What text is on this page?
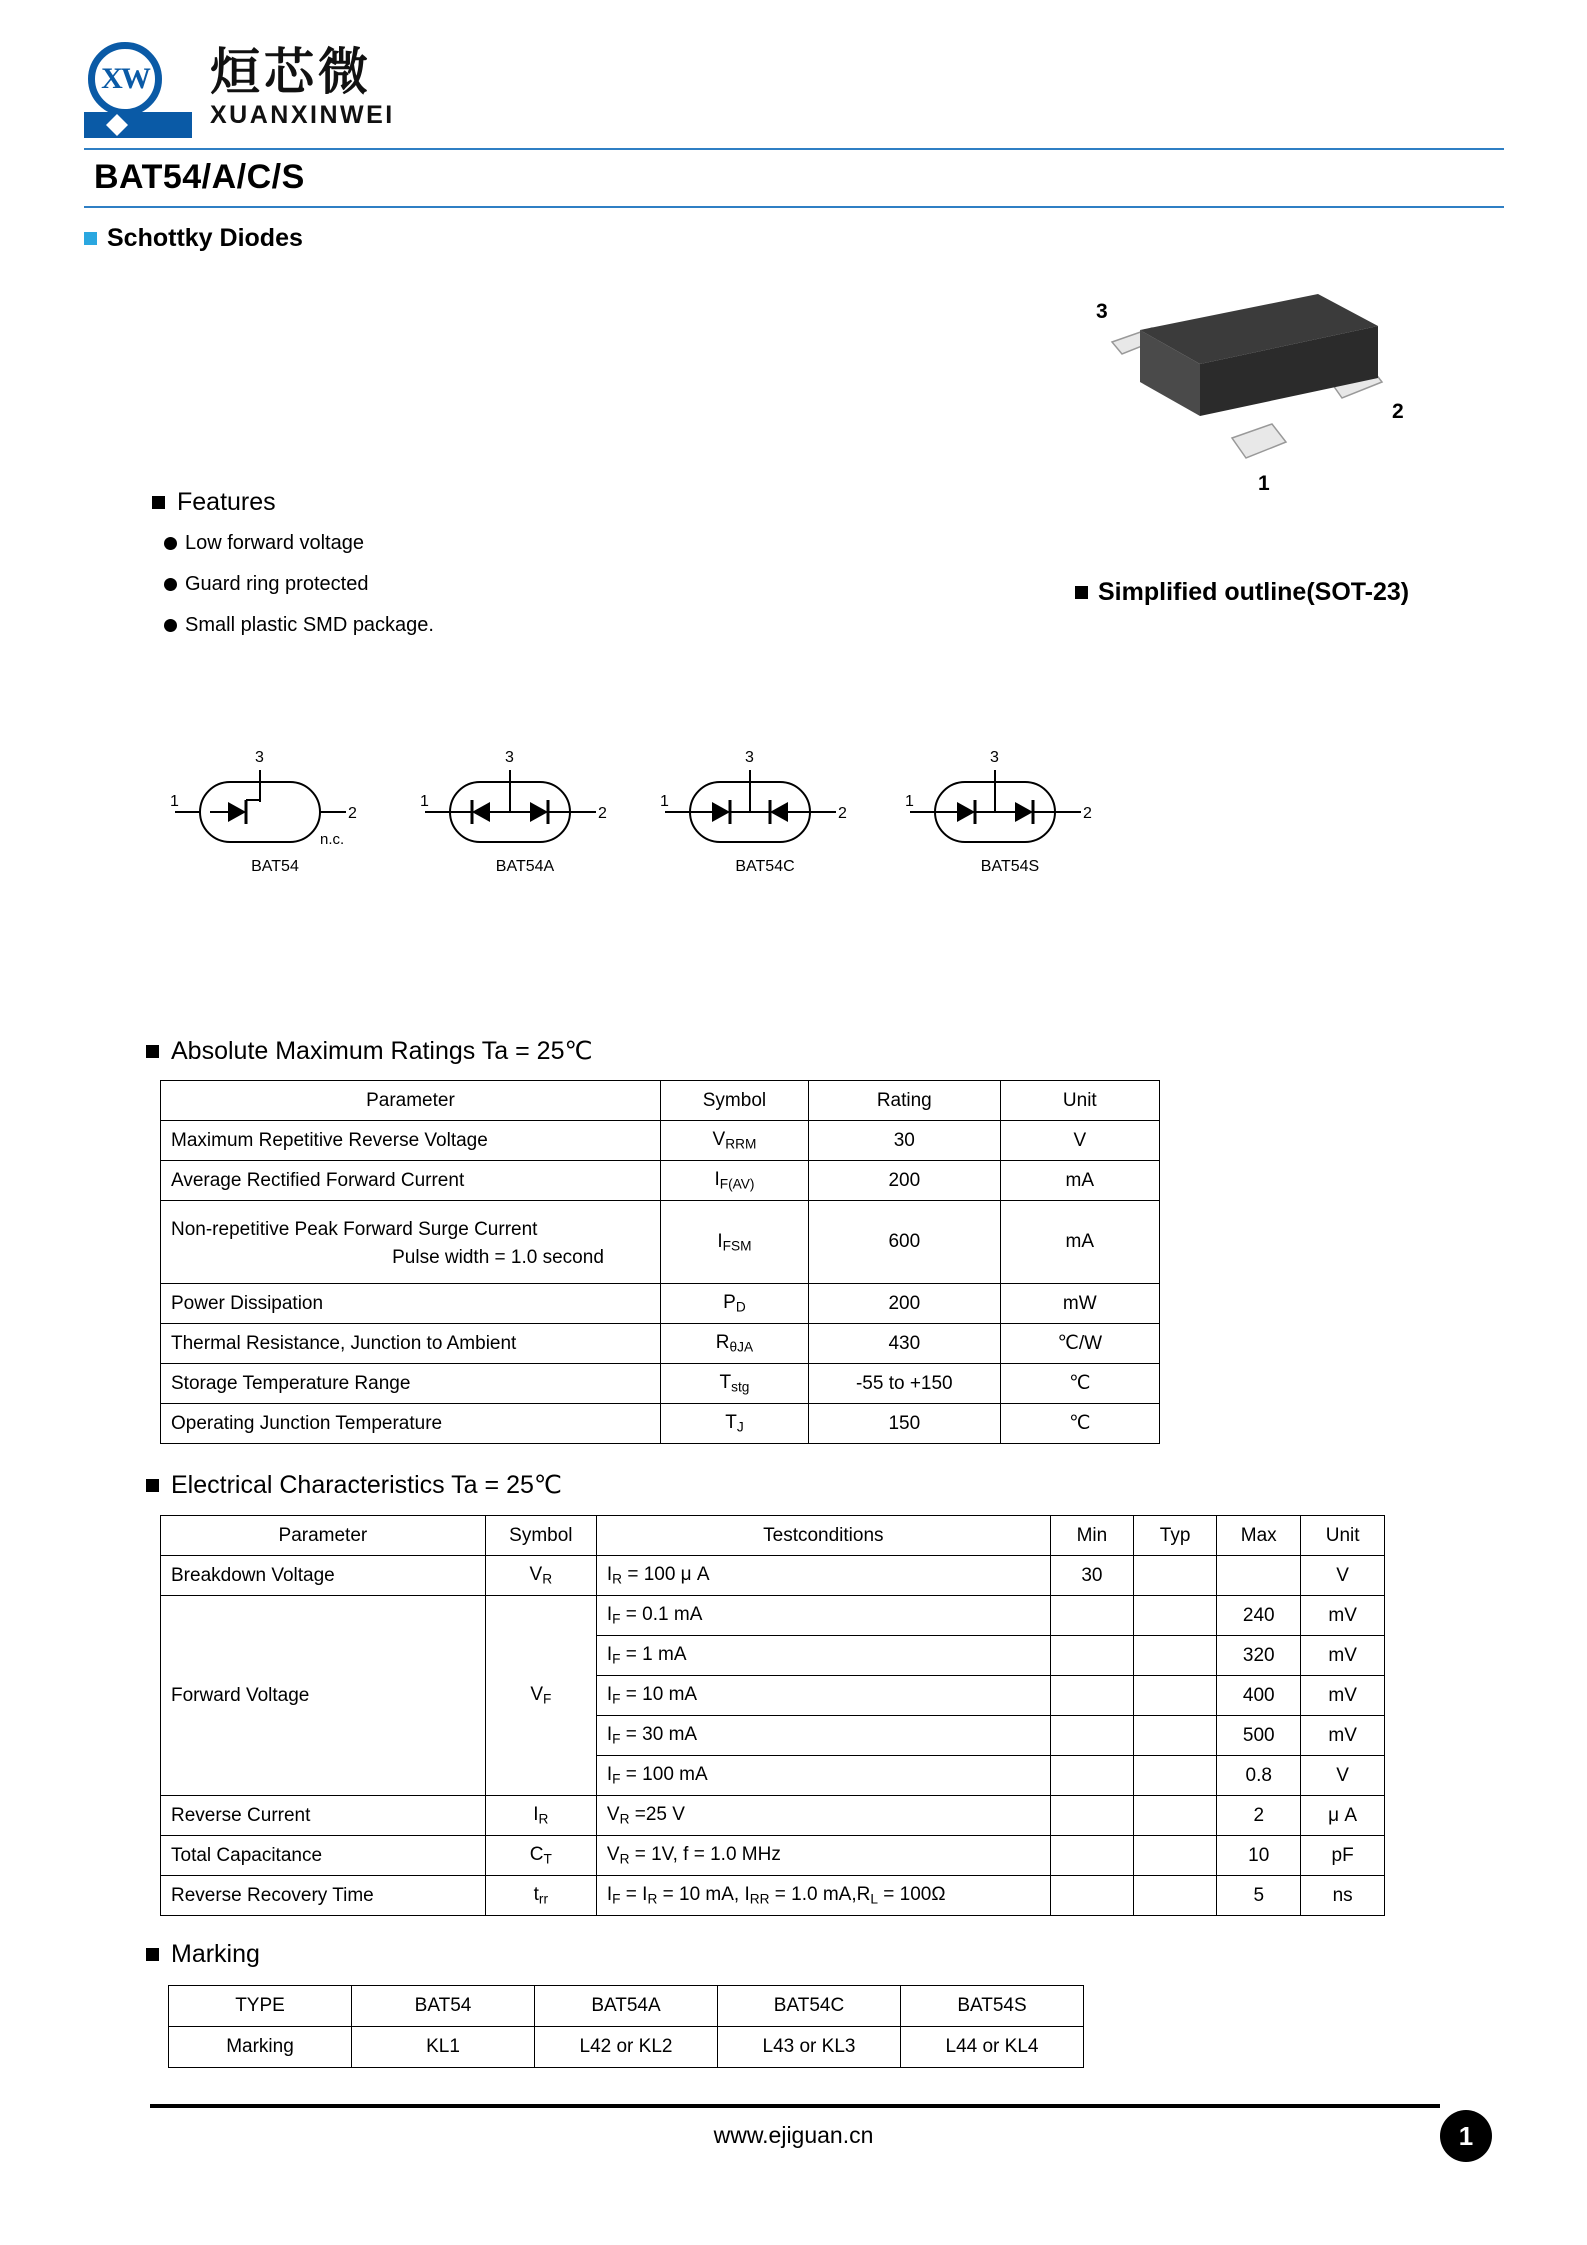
XW 烜芯微
XUANXINWEI
BAT54/A/C/S
Schottky Diodes
Features
Low forward voltage
Guard ring protected
Small plastic SMD package.
3
2
1
Simplified outline(SOT-23)
3
1
2
n.c.
BAT54
3
1
2
BAT54A
3
1
2
BAT54C
3
1
2
BAT54S
Absolute Maximum Ratings Ta = 25℃
Parameter	Symbol	Rating	Unit
Maximum Repetitive Reverse Voltage	$V_{RRM}$	30	V
Average Rectified Forward Current	$I_{F(AV)}$	200	mA

Non-repetitive Peak Forward Surge Current
Pulse width = 1.0 second	$I_{FSM}$	600	mA
Power Dissipation	$P_D$	200	mW
Thermal Resistance, Junction to Ambient	$R_{\theta JA}$	430	℃/W
Storage Temperature Range	$T_{stg}$	-55 to +150	℃
Operating Junction Temperature	$T_J$	150	℃
Electrical Characteristics Ta = 25℃
Parameter	Symbol	Testconditions	Min	Typ	Max	Unit
Breakdown Voltage	$V_R$	$I_R = 100$ μ A	30			V
Forward Voltage	$V_F$	$I_F = 0.1$ mA			240	mV
		$I_F = 1$ mA			320	mV
		$I_F = 10$ mA			400	mV
		$I_F = 30$ mA			500	mV
		$I_F = 100$ mA			0.8	V
Reverse Current	$I_R$	$V_R =25$ V			2	μ A
Total Capacitance	$C_T$	$V_R = 1V$, f = 1.0 MHz			10	pF
Reverse Recovery Time	$t_{rr}$	$I_F = I_R = 10$ mA, $I_{RR} = 1.0$ $mA,R_L = 100\Omega$			5	ns
Marking
TYPE	BAT54	BAT54A	BAT54C	BAT54S
Marking	KL1	L42 or KL2	L43 or KL3	L44 or KL4
www.ejiguan.cn	1
